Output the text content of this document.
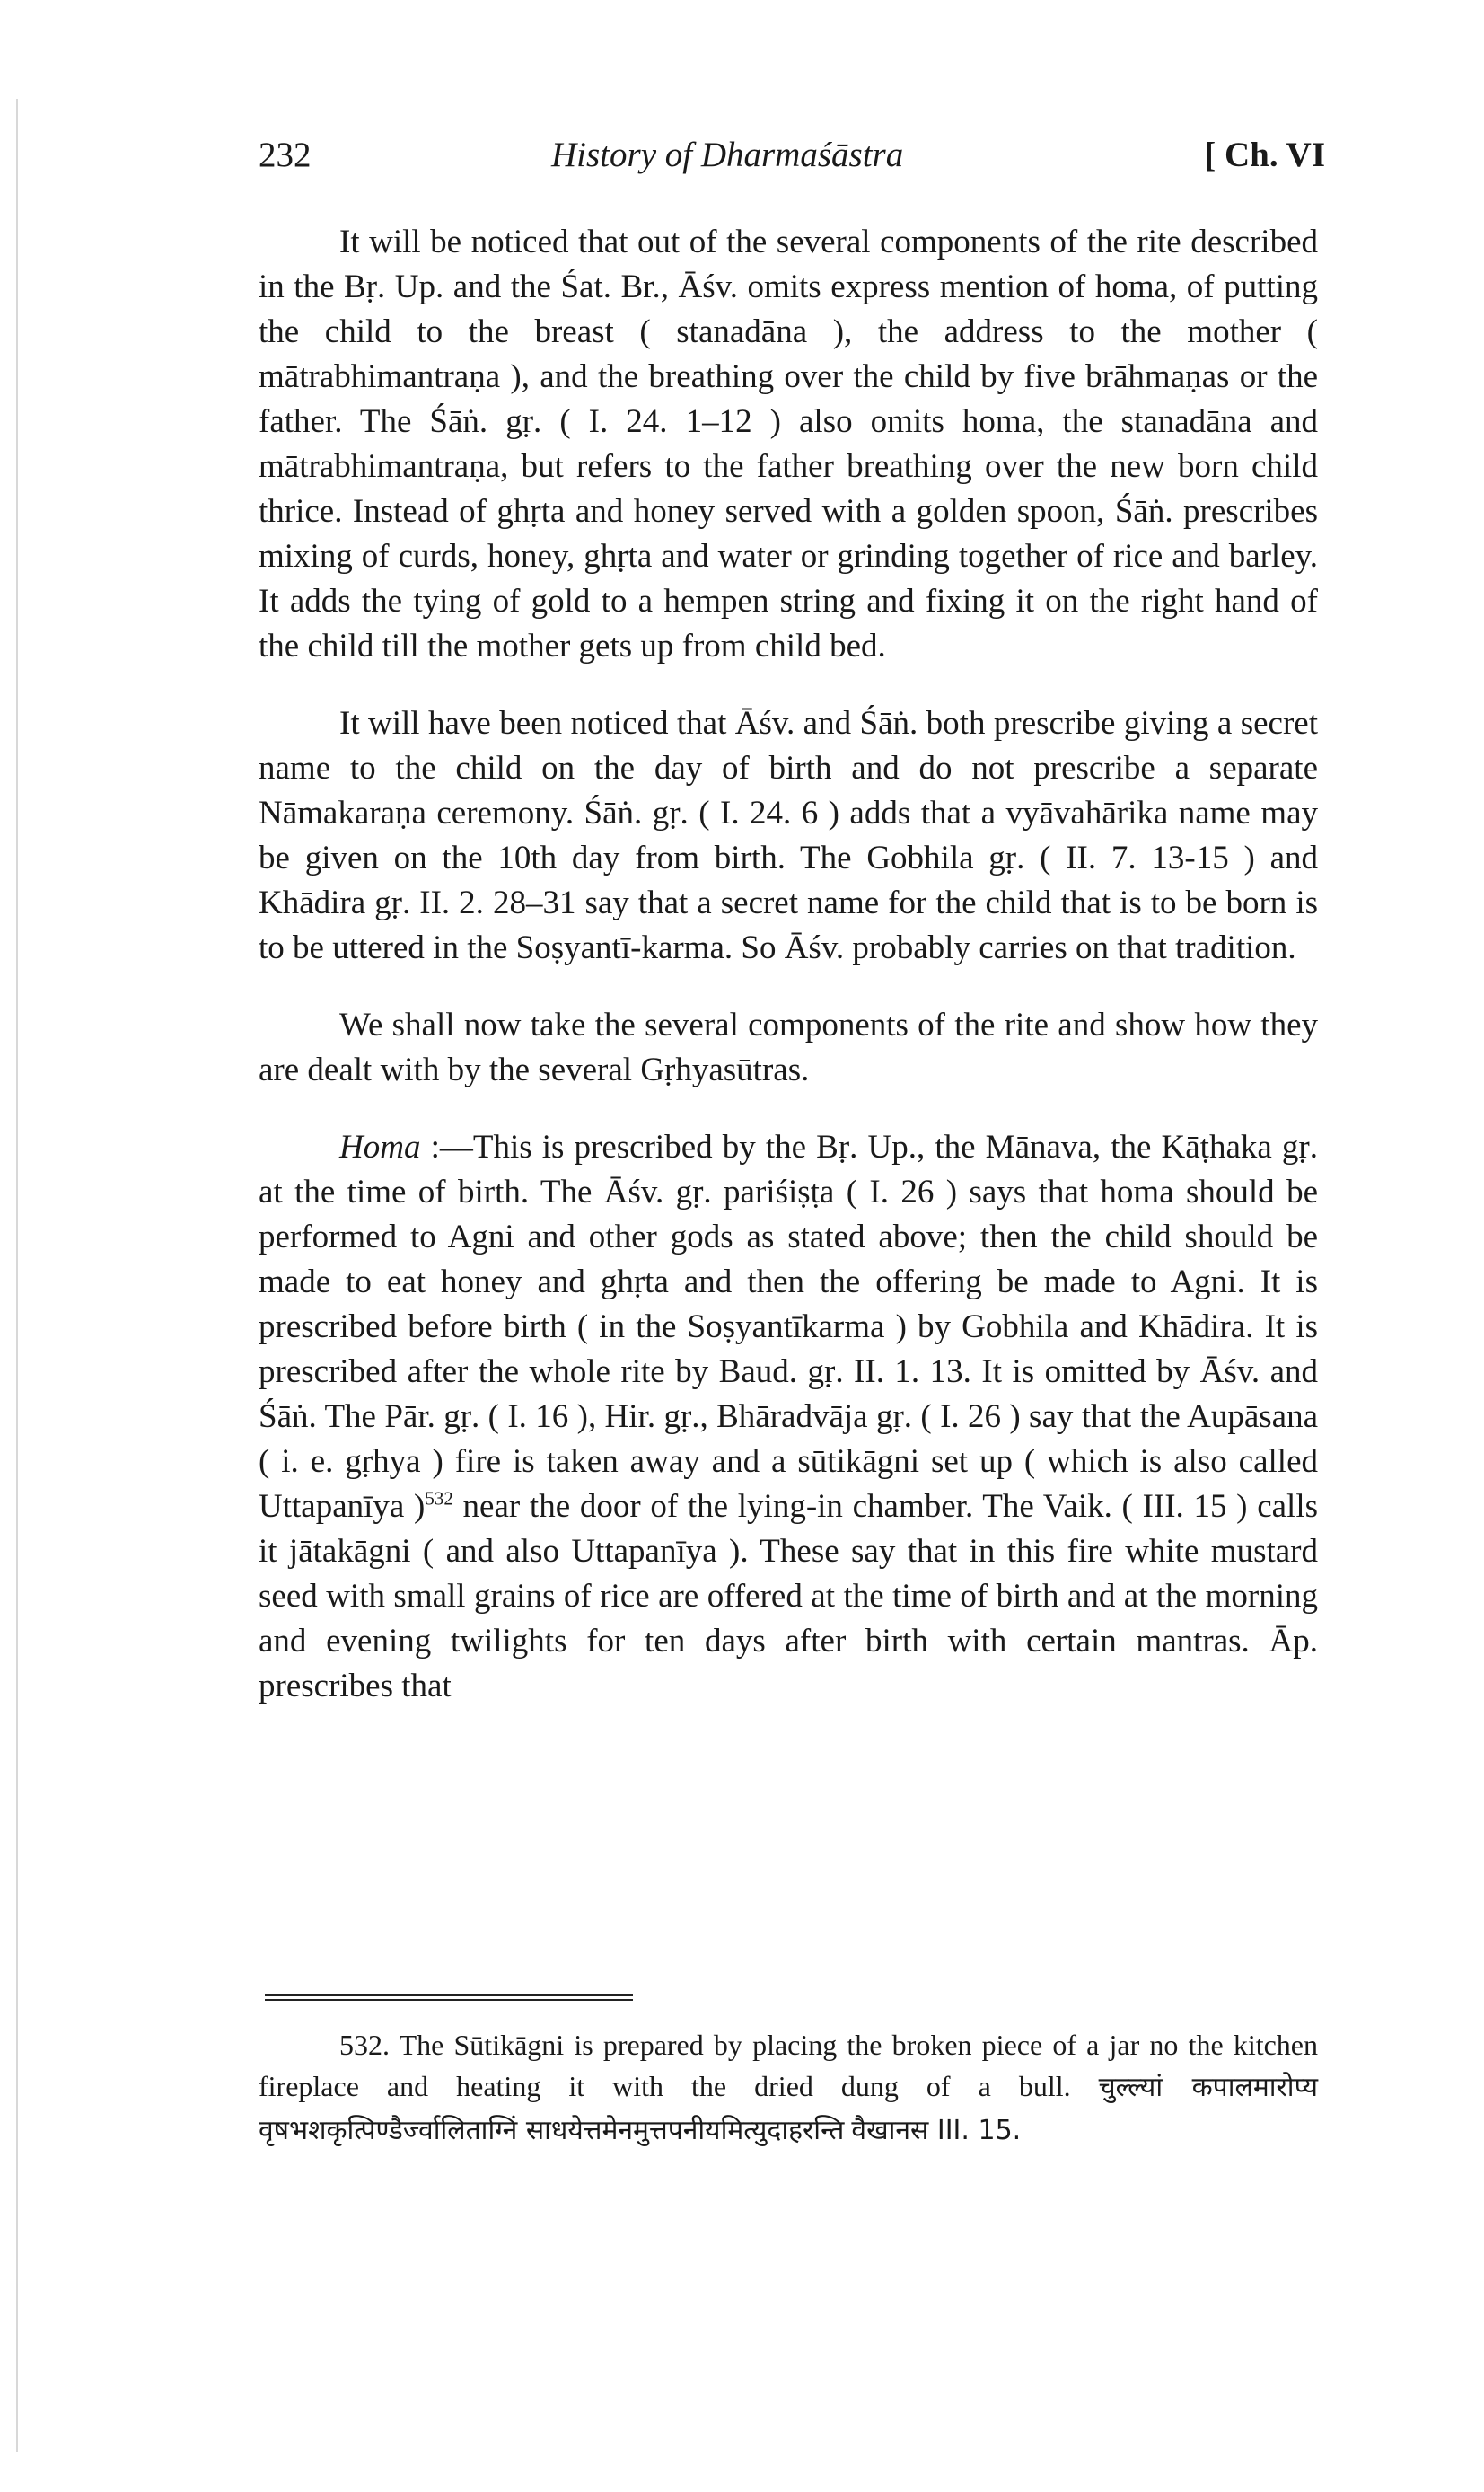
232	History of Dharmaśāstra	[ Ch. VI

It will be noticed that out of the several components of the rite described in the Bṛ. Up. and the Śat. Br., Āśv. omits express mention of homa, of putting the child to the breast ( stanadāna ), the address to the mother ( mātrabhimantraṇa ), and the breathing over the child by five brāhmaṇas or the father. The Śāṅ. gṛ. ( I. 24. 1–12 ) also omits homa, the stanadāna and mātrabhimantraṇa, but refers to the father breathing over the new born child thrice. Instead of ghṛta and honey served with a golden spoon, Śāṅ. prescribes mixing of curds, honey, ghṛta and water or grinding together of rice and barley. It adds the tying of gold to a hempen string and fixing it on the right hand of the child till the mother gets up from child bed.

It will have been noticed that Āśv. and Śāṅ. both prescribe giving a secret name to the child on the day of birth and do not prescribe a separate Nāmakaraṇa ceremony. Śāṅ. gṛ. ( I. 24. 6 ) adds that a vyāvahārika name may be given on the 10th day from birth. The Gobhila gṛ. ( II. 7. 13-15 ) and Khādira gṛ. II. 2. 28–31 say that a secret name for the child that is to be born is to be uttered in the Soṣyantī-karma. So Āśv. probably carries on that tradition.

We shall now take the several components of the rite and show how they are dealt with by the several Gṛhyasūtras.

Homa :—This is prescribed by the Bṛ. Up., the Mānava, the Kāṭhaka gṛ. at the time of birth. The Āśv. gṛ. pariśiṣṭa ( I. 26 ) says that homa should be performed to Agni and other gods as stated above; then the child should be made to eat honey and ghṛta and then the offering be made to Agni. It is prescribed before birth ( in the Soṣyantīkarma ) by Gobhila and Khādira. It is prescribed after the whole rite by Baud. gṛ. II. 1. 13. It is omitted by Āśv. and Śāṅ. The Pār. gṛ. ( I. 16 ), Hir. gṛ., Bhāradvāja gṛ. ( I. 26 ) say that the Aupāsana ( i. e. gṛhya ) fire is taken away and a sūtikāgni set up ( which is also called Uttapanīya )$^{532}$ near the door of the lying-in chamber. The Vaik. ( III. 15 ) calls it jātakāgni ( and also Uttapanīya ). These say that in this fire white mustard seed with small grains of rice are offered at the time of birth and at the morning and evening twilights for ten days after birth with certain mantras. Āp. prescribes that

532. The Sūtikāgni is prepared by placing the broken piece of a jar no the kitchen fireplace and heating it with the dried dung of a bull. चुल्ल्यां कपालमारोप्य वृषभशकृत्पिण्डैर्ज्वालिताग्निं साधयेत्तमेनमुत्तपनीयमित्युदाहरन्ति वैखानस III. 15.
